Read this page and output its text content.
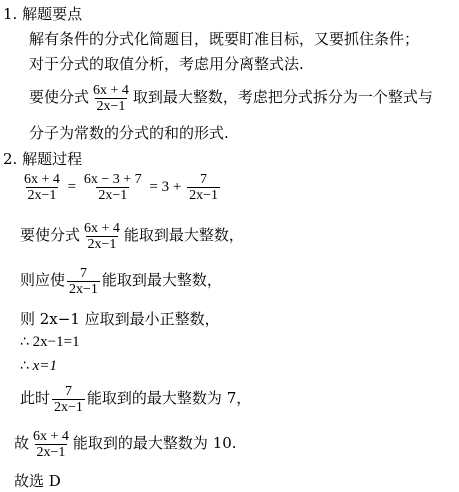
1. 解题要点
解有条件的分式化简题目，既要盯准目标，又要抓住条件；
对于分式的取值分析，考虑用分离整式法.
要使分式 $\frac{6x + 4}{2x-1}$ 取到最大整数，考虑把分式拆分为一个整式与
分子为常数的分式的和的形式.
2. 解题过程
$\frac{6x + 4}{2x-1} = \frac{6x - 3 + 7}{2x-1} = 3 + \frac{7}{2x-1}$
要使分式 $\frac{6x + 4}{2x-1}$ 能取到最大整数，
则应使 $\frac{7}{2x-1}$ 能取到最大整数，
则 2x−1 应取到最小正整数，
∴ 2x−1=1
∴ x=1
此时 $\frac{7}{2x-1}$ 能取到的最大整数为 7，
故 $\frac{6x + 4}{2x-1}$ 能取到的最大整数为 10.
故选 D
